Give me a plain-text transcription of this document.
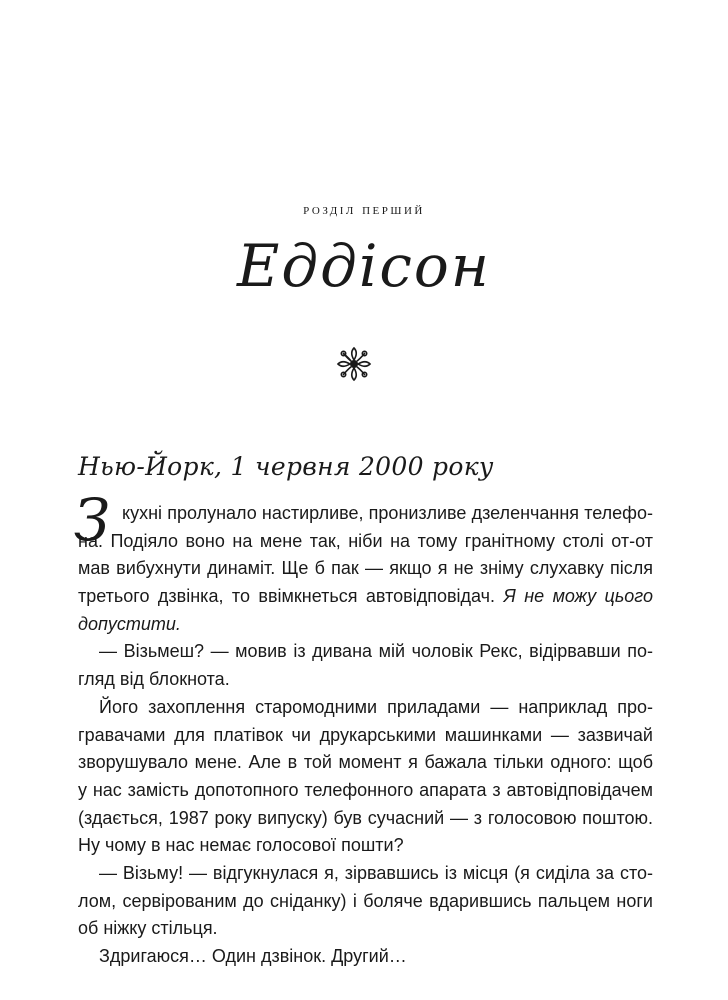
розділ перший
Еддісон
Нью-Йорк, 1 червня 2000 року
З кухні пролунало настирливе, пронизливе дзеленчання телефо-
на. Подіяло воно на мене так, ніби на тому гранітному столі от-от
мав вибухнути динаміт. Ще б пак — якщо я не зніму слухавку після
третього дзвінка, то ввімкнеться автовідповідач. Я не можу цього
допустити.
— Візьмеш? — мовив із дивана мій чоловік Рекс, відірвавши по-
гляд від блокнота.
Його захоплення старомодними приладами — наприклад про-
гравачами для платівок чи друкарськими машинками — зазвичай
зворушувало мене. Але в той момент я бажала тільки одного: щоб
у нас замість допотопного телефонного апарата з автовідповідачем
(здається, 1987 року випуску) був сучасний — з голосовою поштою.
Ну чому в нас немає голосової пошти?
— Візьму! — відгукнулася я, зірвавшись із місця (я сиділа за сто-
лом, сервірованим до сніданку) і боляче вдарившись пальцем ноги
об ніжку стільця.
Здригаюся… Один дзвінок. Другий…
